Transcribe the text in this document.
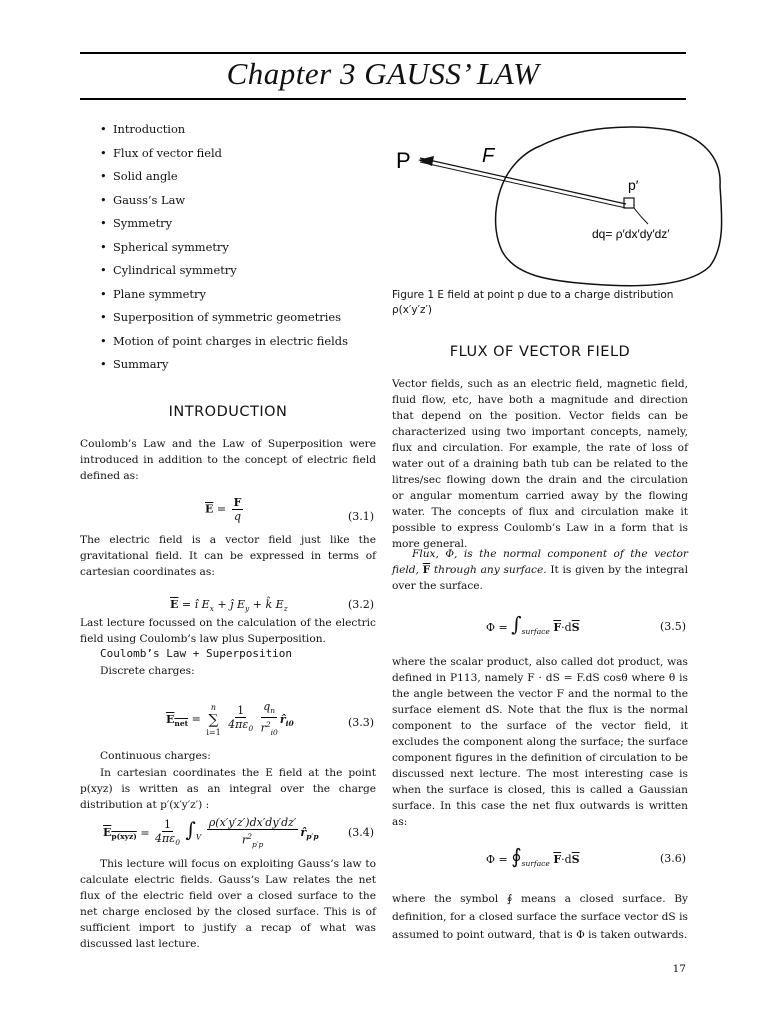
Chapter 3 GAUSS’ LAW
• Introduction
• Flux of vector field
• Solid angle
• Gauss’s Law
• Symmetry
• Spherical symmetry
• Cylindrical symmetry
• Plane symmetry
• Superposition of symmetric geometries
• Motion of point charges in electric fields
• Summary
INTRODUCTION
Coulomb’s Law and the Law of Superposition were introduced in addition to the concept of electric field defined as:
$\overline{E} = \frac{F}{q}$	(3.1)
The electric field is a vector field just like the gravitational field. It can be expressed in terms of cartesian coordinates as:
$\overline{E}$ = î $E_x$ + ĵ $E_y$ + k̂ $E_z$	(3.2)
Last lecture focussed on the calculation of the electric field using Coulomb’s law plus Superposition.
Coulomb’s Law + Superposition
Discrete charges:
$E_{net}$ =
n
∑
i=1
$\frac{1}{4\pi\varepsilon_0}$
$\frac{q_n}{r^2_{i0}}$ $r̂_{i0}$	(3.3)
Continuous charges:
In cartesian coordinates the E field at the point p(xyz) is written as an integral over the charge distribution at p′(x′y′z′) :
$E_{p(xyz)} = \frac{1}{4\pi\varepsilon_0} \int_V \frac{\rho(x'y'z')dx'dy'dz'}{r^2_{p'p}}$ $r̂_{p'p}$	(3.4)
This lecture will focus on exploiting Gauss’s law to calculate electric fields. Gauss’s Law relates the net flux of the electric field over a closed surface to the net charge enclosed by the closed surface. This is of sufficient import to justify a recap of what was discussed last lecture.
P	F
p′
dq= ρ′dx′dy′dz′
Figure 1 E field at point p due to a charge distribution ρ(x′y′z′)
FLUX OF VECTOR FIELD
Vector fields, such as an electric field, magnetic field, fluid flow, etc, have both a magnitude and direction that depend on the position. Vector fields can be characterized using two important concepts, namely, flux and circulation. For example, the rate of loss of water out of a draining bath tub can be related to the litres/sec flowing down the drain and the circulation or angular momentum carried away by the flowing water. The concepts of flux and circulation make it possible to express Coulomb’s Law in a form that is more general.
Flux, Φ, is the normal component of the vector field, $\overline{F}$ through any surface. It is given by the integral over the surface.
$\Phi = \int_{surface}$ $\overline{F}\cdot d\overline{S}$	(3.5)
where the scalar product, also called dot product, was defined in P113, namely F · dS = F.dS cosθ where θ is the angle between the vector F and the normal to the surface element dS. Note that the flux is the normal component to the surface of the vector field, it excludes the component along the surface; the surface component figures in the definition of circulation to be discussed next lecture. The most interesting case is when the surface is closed, this is called a Gaussian surface. In this case the net flux outwards is written as:
$\Phi = ∮_{surface}$ $\overline{F}\cdot d\overline{S}$	(3.6)
where the symbol ∮ means a closed surface. By definition, for a closed surface the surface vector dS is assumed to point outward, that is Φ is taken outwards.
17
